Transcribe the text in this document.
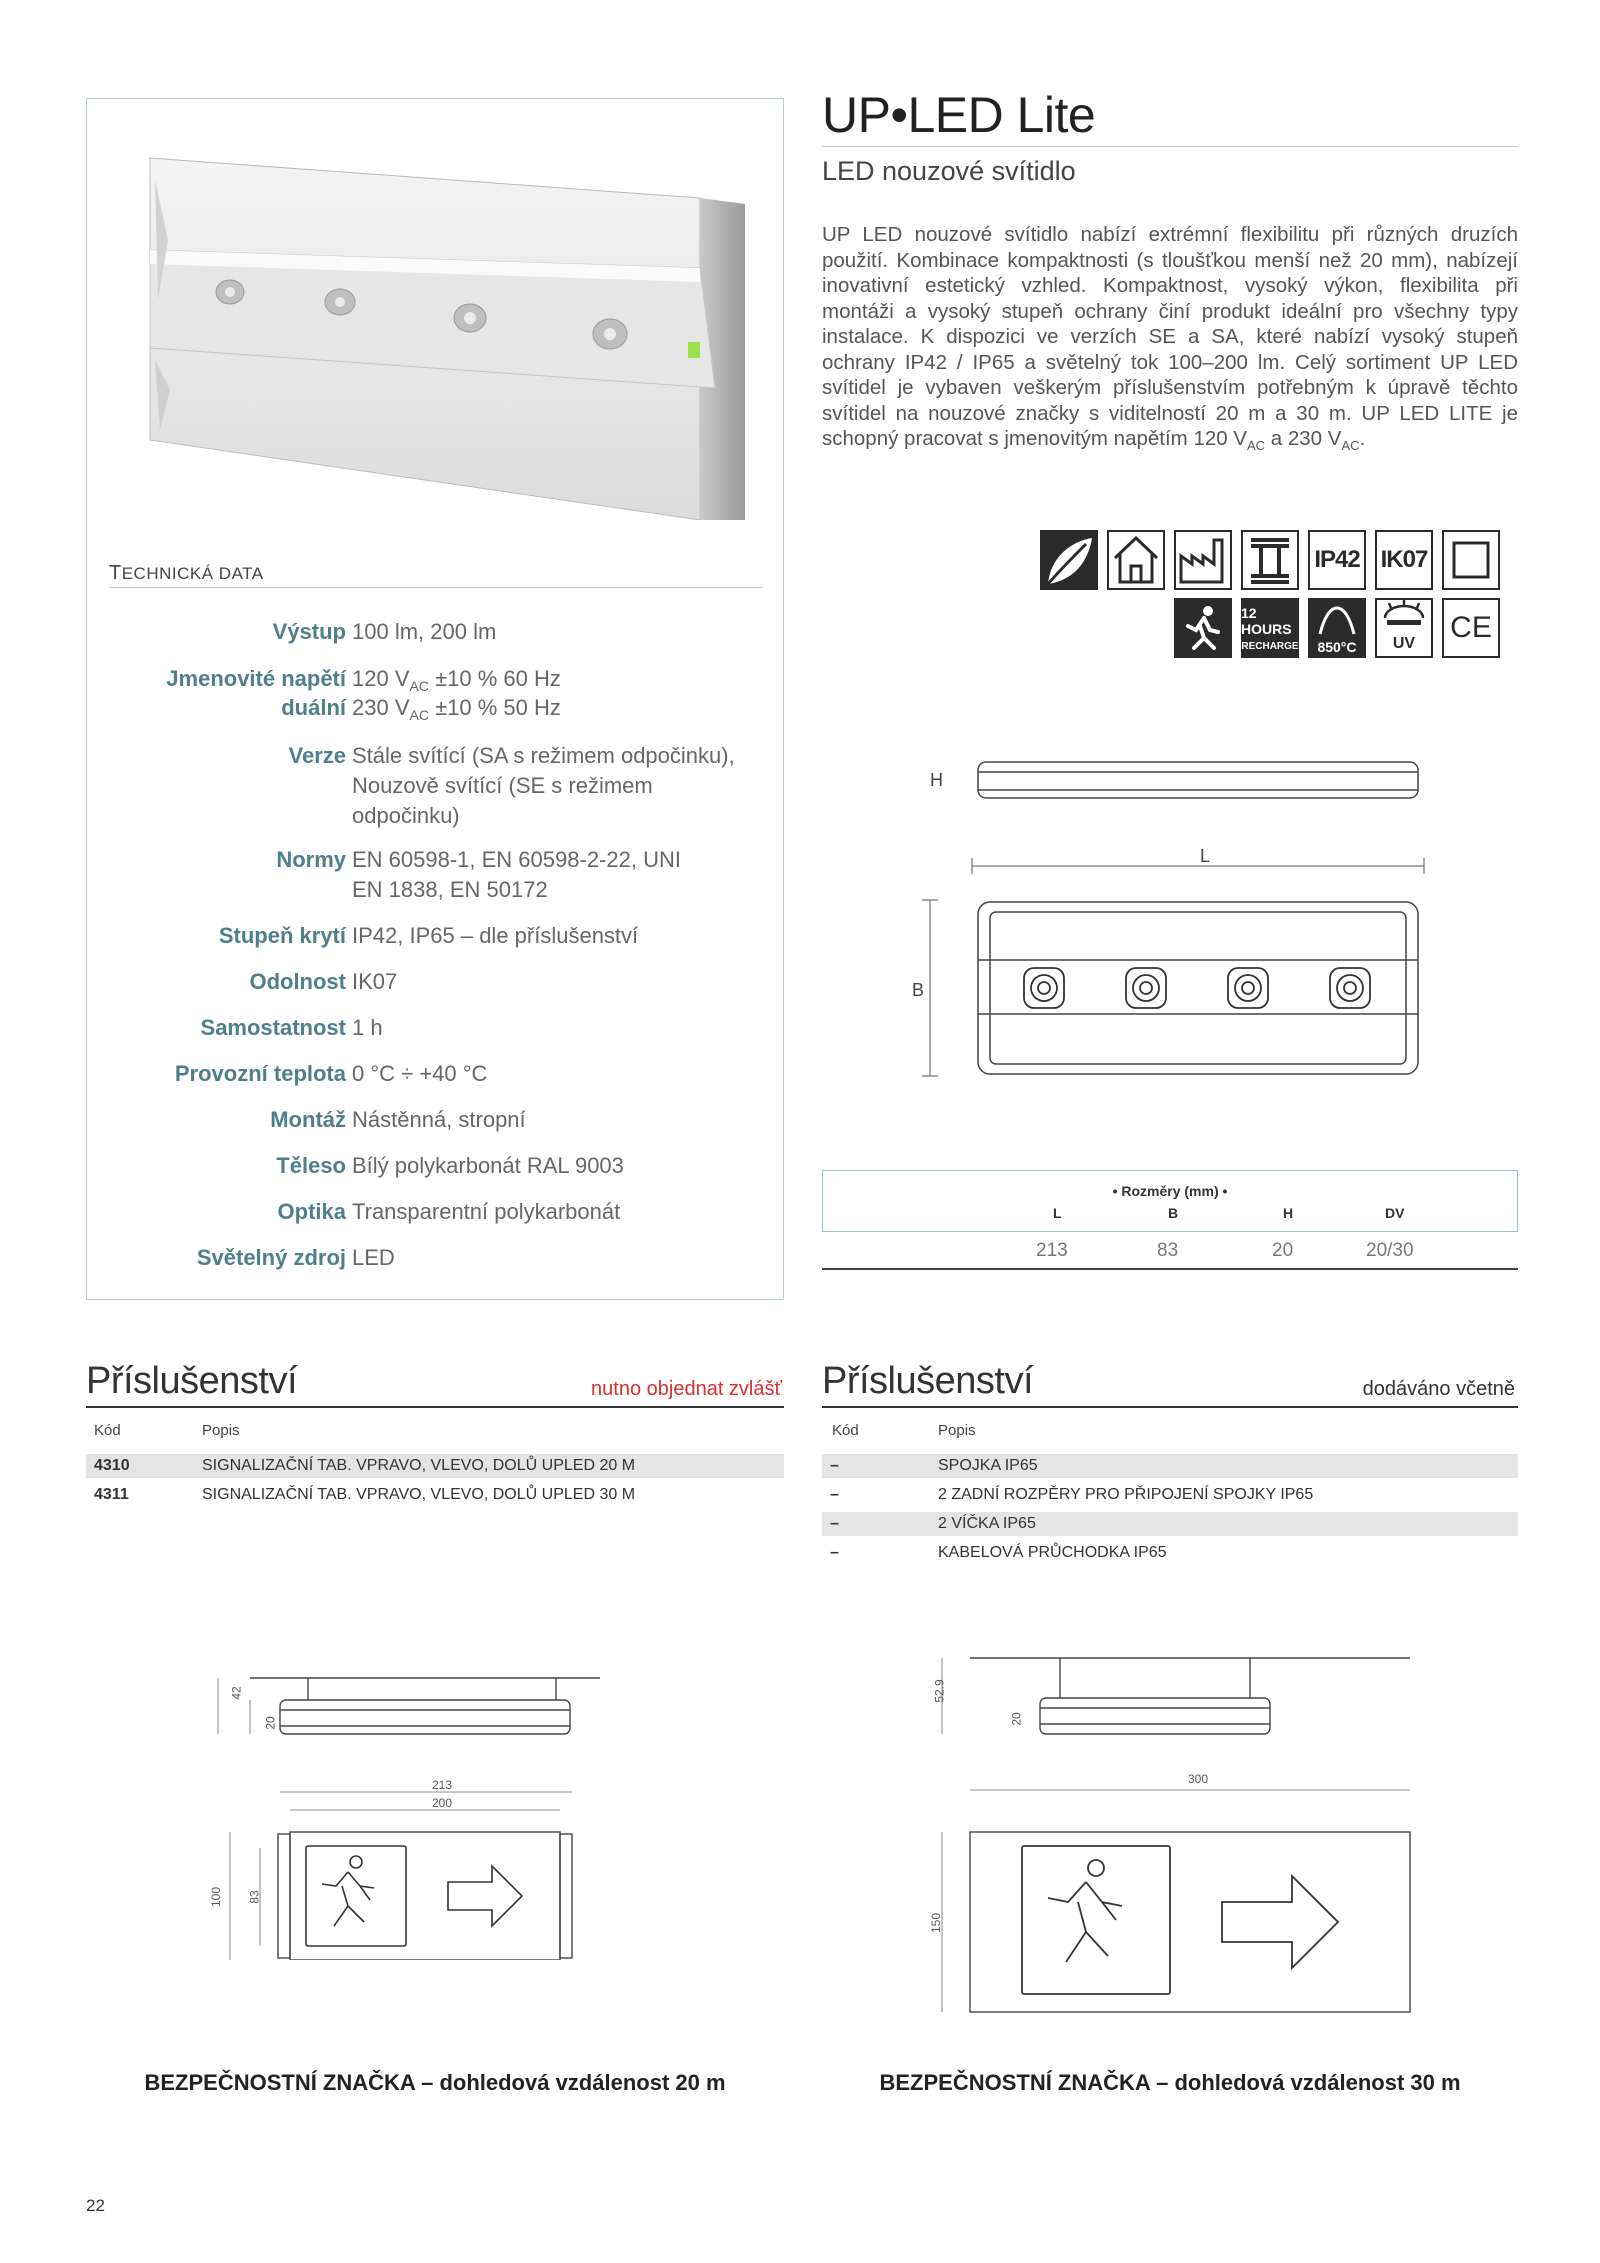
UP•LED Lite
LED nouzové svítidlo
UP LED nouzové svítidlo nabízí extrémní flexibilitu při různých druzích použití. Kombinace kompaktnosti (s tloušťkou menší než 20 mm), nabízejí inovativní estetický vzhled. Kompaktnost, vysoký výkon, flexibilita při montáži a vysoký stupeň ochrany činí produkt ideální pro všechny typy instalace. K dispozici ve verzích SE a SA, které nabízí vysoký stupeň ochrany IP42 / IP65 a světelný tok 100–200 lm. Celý sortiment UP LED svítidel je vybaven veškerým příslušenstvím potřebným k úpravě těchto svítidel na nouzové značky s viditelností 20 m a 30 m. UP LED LITE je schopný pracovat s jmenovitým napětím 120 $V_{AC}$ a 230 $V_{AC}$.
TECHNICKÁ DATA
Výstup 100 lm, 200 lm
Jmenovité napětí 120 $V_{AC} \pm 10$ % 60 Hz
duální 230 $V_{AC} \pm 10$ % 50 Hz
Verze Stále svítící (SA s režimem odpočinku), Nouzově svítící (SE s režimem odpočinku)
Normy EN 60598-1, EN 60598-2-22, UNI EN 1838, EN 50172
Stupeň krytí IP42, IP65 – dle příslušenství
Odolnost IK07
Samostatnost 1 h
Provozní teplota 0 °C ÷ +40 °C
Montáž Nástěnná, stropní
Těleso Bílý polykarbonát RAL 9003
Optika Transparentní polykarbonát
Světelný zdroj LED
IP42 IK07
12 HOURS
RECHARGE	850°C	UV	CE
H
L
B
• Rozměry (mm) •
L	B	H	DV
213	83	20	20/30
Příslušenství	nutno objednat zvlášť
Kód	Popis
4310	SIGNALIZAČNÍ TAB. VPRAVO, VLEVO, DOLŮ UPLED 20 M
4311	SIGNALIZAČNÍ TAB. VPRAVO, VLEVO, DOLŮ UPLED 30 M
Příslušenství	dodáváno včetně
Kód	Popis
–	SPOJKA IP65
–	2 ZADNÍ ROZPĚRY PRO PŘIPOJENÍ SPOJKY IP65
–	2 VÍČKA IP65
–	KABELOVÁ PRŮCHODKA IP65
42
20
213
200
100 83
BEZPEČNOSTNÍ ZNAČKA – dohledová vzdálenost 20 m
52.9
20
300
150
BEZPEČNOSTNÍ ZNAČKA – dohledová vzdálenost 30 m
22
